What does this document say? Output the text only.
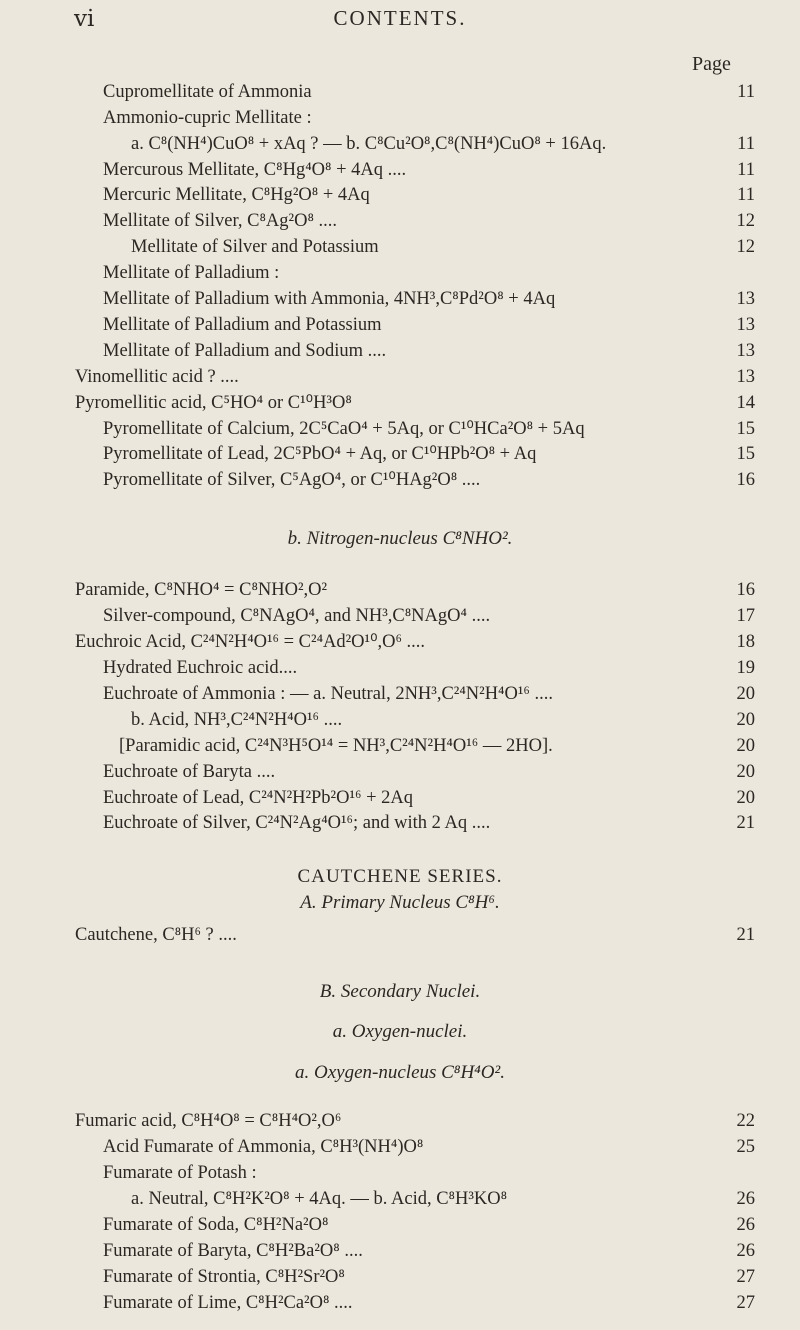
vi	CONTENTS.
Page
Cupromellitate of Ammonia	11
Ammonio-cupric Mellitate :
a. C⁸(NH⁴)CuO⁸ + xAq ? — b. C⁸Cu²O⁸,C⁸(NH⁴)CuO⁸ + 16Aq.	11
Mercurous Mellitate, C⁸Hg⁴O⁸ + 4Aq ....	11
Mercuric Mellitate, C⁸Hg²O⁸ + 4Aq	11
Mellitate of Silver, C⁸Ag²O⁸ ....	12
Mellitate of Silver and Potassium	12
Mellitate of Palladium :
Mellitate of Palladium with Ammonia, 4NH³,C⁸Pd²O⁸ + 4Aq	13
Mellitate of Palladium and Potassium	13
Mellitate of Palladium and Sodium ....	13
Vinomellitic acid ? ....	13
Pyromellitic acid, C⁵HO⁴ or C¹⁰H³O⁸	14
Pyromellitate of Calcium, 2C⁵CaO⁴ + 5Aq, or C¹⁰HCa²O⁸ + 5Aq	15
Pyromellitate of Lead, 2C⁵PbO⁴ + Aq, or C¹⁰HPb²O⁸ + Aq	15
Pyromellitate of Silver, C⁵AgO⁴, or C¹⁰HAg²O⁸ ....	16
Paramide, C⁸NHO⁴ = C⁸NHO²,O²	16
Silver-compound, C⁸NAgO⁴, and NH³,C⁸NAgO⁴ ....	17
Euchroic Acid, C²⁴N²H⁴O¹⁶ = C²⁴Ad²O¹⁰,O⁶ ....	18
Hydrated Euchroic acid....	19
Euchroate of Ammonia : — a. Neutral, 2NH³,C²⁴N²H⁴O¹⁶ ....	20
b. Acid, NH³,C²⁴N²H⁴O¹⁶ ....	20
[Paramidic acid, C²⁴N³H⁵O¹⁴ = NH³,C²⁴N²H⁴O¹⁶ — 2HO].	20
Euchroate of Baryta ....	20
Euchroate of Lead, C²⁴N²H²Pb²O¹⁶ + 2Aq	20
Euchroate of Silver, C²⁴N²Ag⁴O¹⁶; and with 2 Aq ....	21
Cautchene, C⁸H⁶ ? ....	21
Fumaric acid, C⁸H⁴O⁸ = C⁸H⁴O²,O⁶	22
Acid Fumarate of Ammonia, C⁸H³(NH⁴)O⁸	25
Fumarate of Potash :
a. Neutral, C⁸H²K²O⁸ + 4Aq. — b. Acid, C⁸H³KO⁸	26
Fumarate of Soda, C⁸H²Na²O⁸	26
Fumarate of Baryta, C⁸H²Ba²O⁸ ....	26
Fumarate of Strontia, C⁸H²Sr²O⁸	27
Fumarate of Lime, C⁸H²Ca²O⁸ ....	27
b. Nitrogen-nucleus C⁸NHO².
CAUTCHENE SERIES.
A. Primary Nucleus C⁸H⁶.
B. Secondary Nuclei.
a. Oxygen-nuclei.
a. Oxygen-nucleus C⁸H⁴O².
